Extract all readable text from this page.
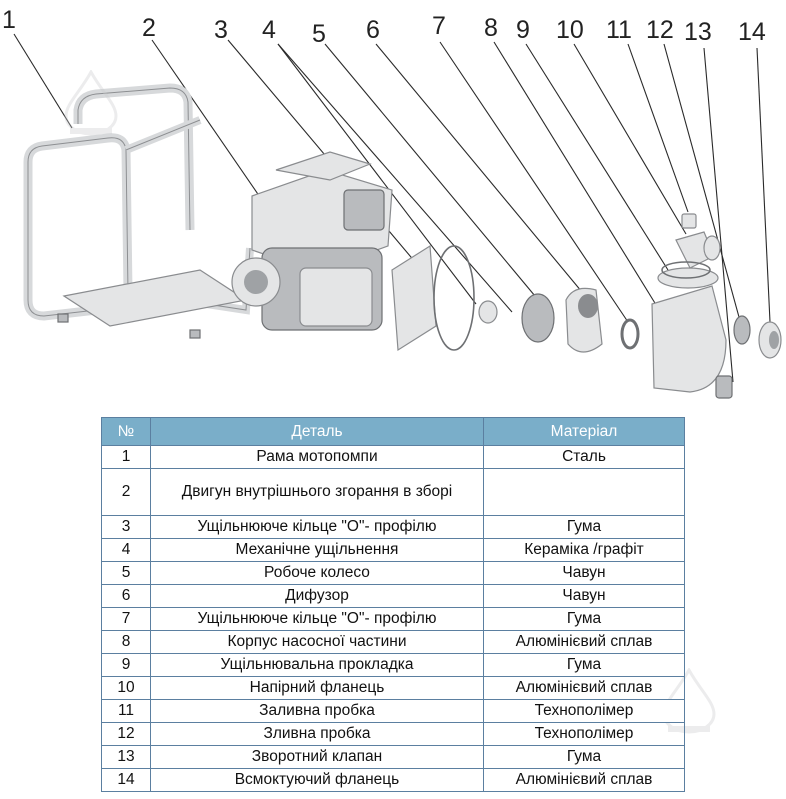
1	2 3 4 5 6 7 8 9 10 11 12 13 14
№	Деталь	Матеріал
1	Рама мотопомпи	Сталь
2	Двигун внутрішнього згорання в зборі	
3	Ущільнююче кільце "О"- профілю	Гума
4	Механічне ущільнення	Кераміка /графіт
5	Робоче колесо	Чавун
6	Дифузор	Чавун
7	Ущільнююче кільце "О"- профілю	Гума
8	Корпус насосної частини	Алюмінієвий сплав
9	Ущільнювальна прокладка	Гума
10	Напірний фланець	Алюмінієвий сплав
11	Заливна пробка	Технополімер
12	Зливна пробка	Технополімер
13	Зворотний клапан	Гума
14	Всмоктуючий фланець	Алюмінієвий сплав
